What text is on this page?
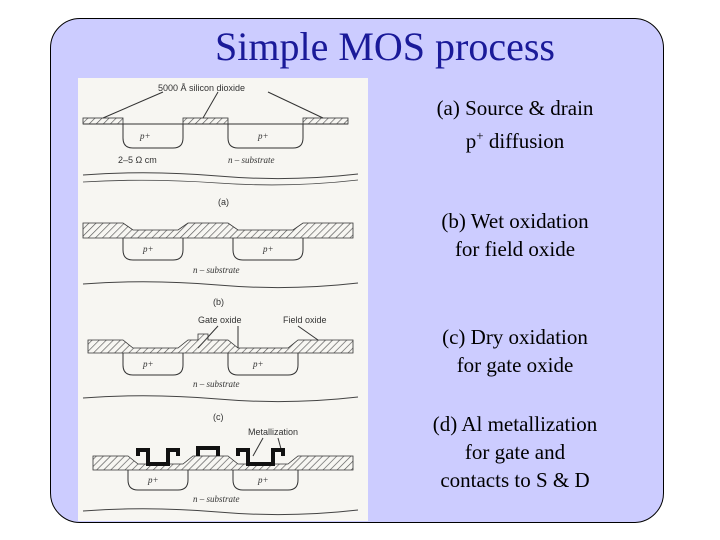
Simple MOS process
5000 Å silicon dioxide
p+	p+
2–5 Ω cm	n – substrate
(a)
p+	p+
n – substrate
(b)
Gate oxide	Field oxide
p+	p+
n – substrate
(c)
Metallization
p+	p+
n – substrate
(a) Source & drain
p+ diffusion
(b) Wet oxidation
for field oxide
(c) Dry oxidation
for gate oxide
(d) Al metallization
for gate and
contacts to S & D
